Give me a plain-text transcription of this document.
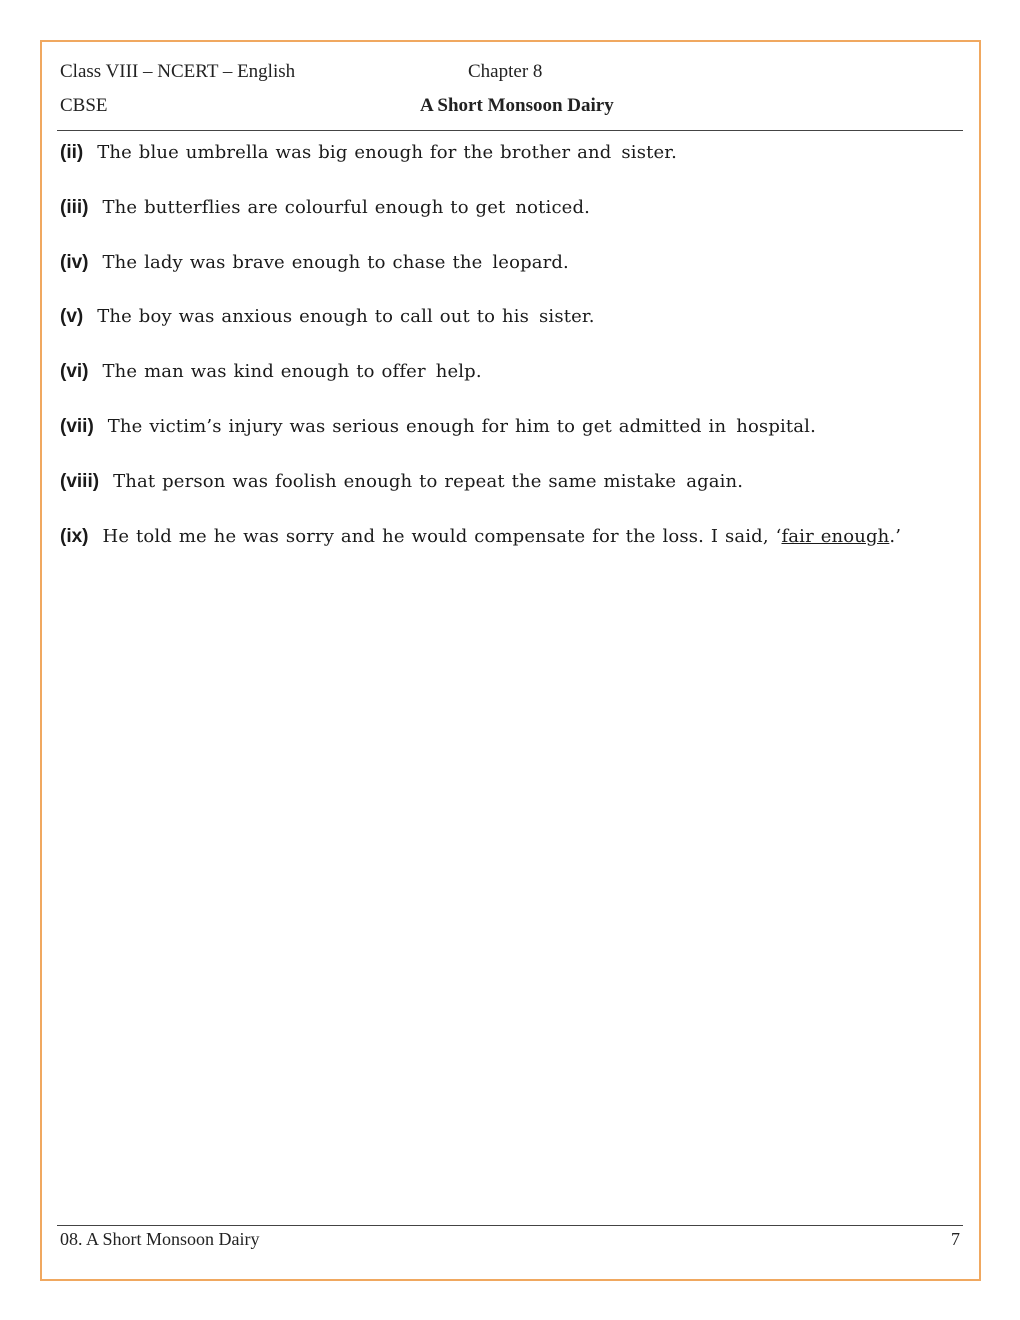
Class VIII – NCERT – English	Chapter 8
CBSE	A Short Monsoon Dairy
(ii) The blue umbrella was big enough for the brother and sister.
(iii) The butterflies are colourful enough to get noticed.
(iv) The lady was brave enough to chase the leopard.
(v) The boy was anxious enough to call out to his sister.
(vi) The man was kind enough to offer help.
(vii) The victim’s injury was serious enough for him to get admitted in hospital.
(viii) That person was foolish enough to repeat the same mistake again.
(ix) He told me he was sorry and he would compensate for the loss. I said, ‘fair enough.’
08. A Short Monsoon Dairy	7
